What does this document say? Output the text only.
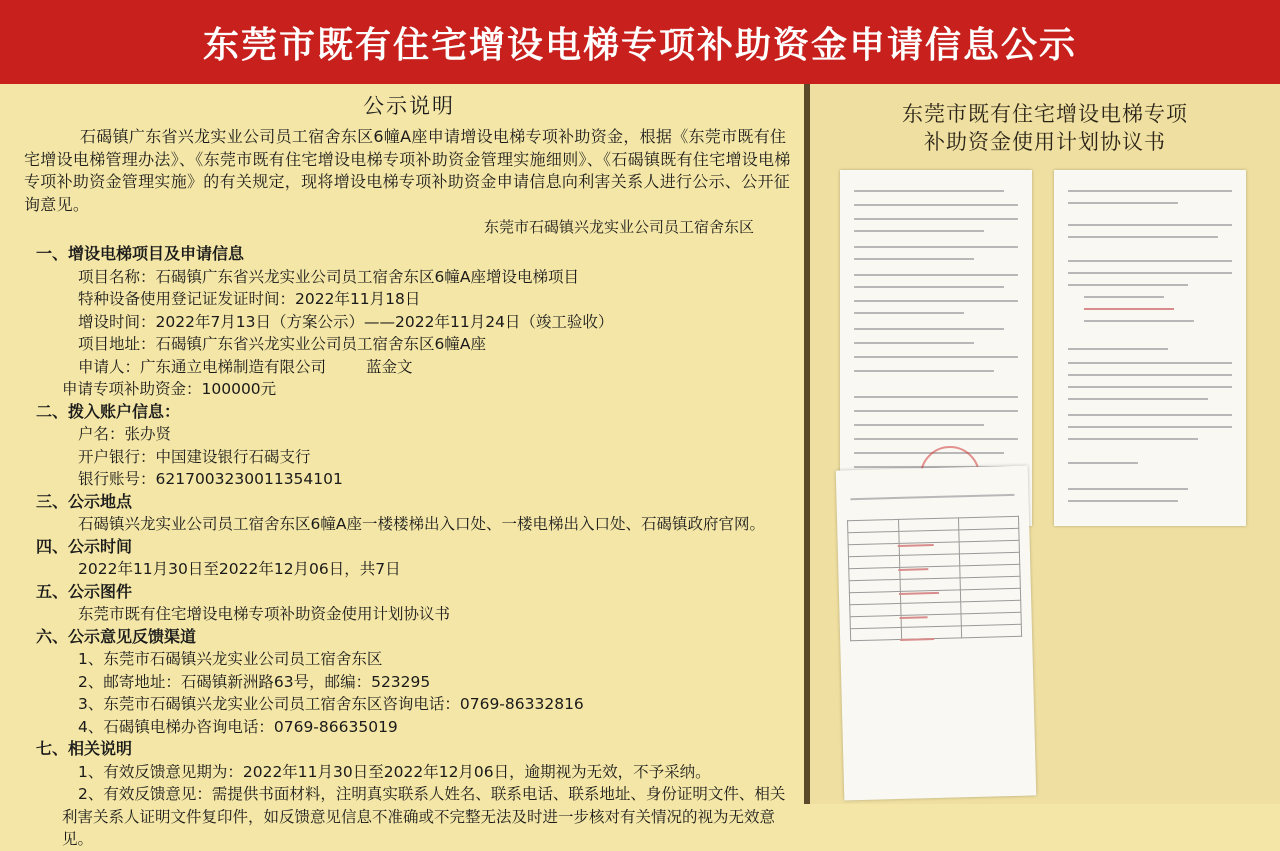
东莞市既有住宅增设电梯专项补助资金申请信息公示
公示说明
石碣镇广东省兴龙实业公司员工宿舍东区6幢A座申请增设电梯专项补助资金，根据《东莞市既有住宅增设电梯管理办法》、《东莞市既有住宅增设电梯专项补助资金管理实施细则》、《石碣镇既有住宅增设电梯专项补助资金管理实施》的有关规定，现将增设电梯专项补助资金申请信息向利害关系人进行公示、公开征询意见。
东莞市石碣镇兴龙实业公司员工宿舍东区
一、增设电梯项目及申请信息
项目名称：石碣镇广东省兴龙实业公司员工宿舍东区6幢A座增设电梯项目
特种设备使用登记证发证时间：2022年11月18日
增设时间：2022年7月13日（方案公示）——2022年11月24日（竣工验收）
项目地址：石碣镇广东省兴龙实业公司员工宿舍东区6幢A座
申请人：广东通立电梯制造有限公司	蓝金文
申请专项补助资金：100000元
二、拨入账户信息：
户名：张办贤
开户银行：中国建设银行石碣支行
银行账号：6217003230011354101
三、公示地点
石碣镇兴龙实业公司员工宿舍东区6幢A座一楼楼梯出入口处、一楼电梯出入口处、石碣镇政府官网。
四、公示时间
2022年11月30日至2022年12月06日，共7日
五、公示图件
东莞市既有住宅增设电梯专项补助资金使用计划协议书
六、公示意见反馈渠道
1、东莞市石碣镇兴龙实业公司员工宿舍东区
2、邮寄地址：石碣镇新洲路63号，邮编：523295
3、东莞市石碣镇兴龙实业公司员工宿舍东区咨询电话：0769-86332816
4、石碣镇电梯办咨询电话：0769-86635019
七、相关说明
1、有效反馈意见期为：2022年11月30日至2022年12月06日，逾期视为无效，不予采纳。
2、有效反馈意见：需提供书面材料，注明真实联系人姓名、联系电话、联系地址、身份证明文件、相关利害关系人证明文件复印件，如反馈意见信息不准确或不完整无法及时进一步核对有关情况的视为无效意见。
东莞市既有住宅增设电梯专项
补助资金使用计划协议书
